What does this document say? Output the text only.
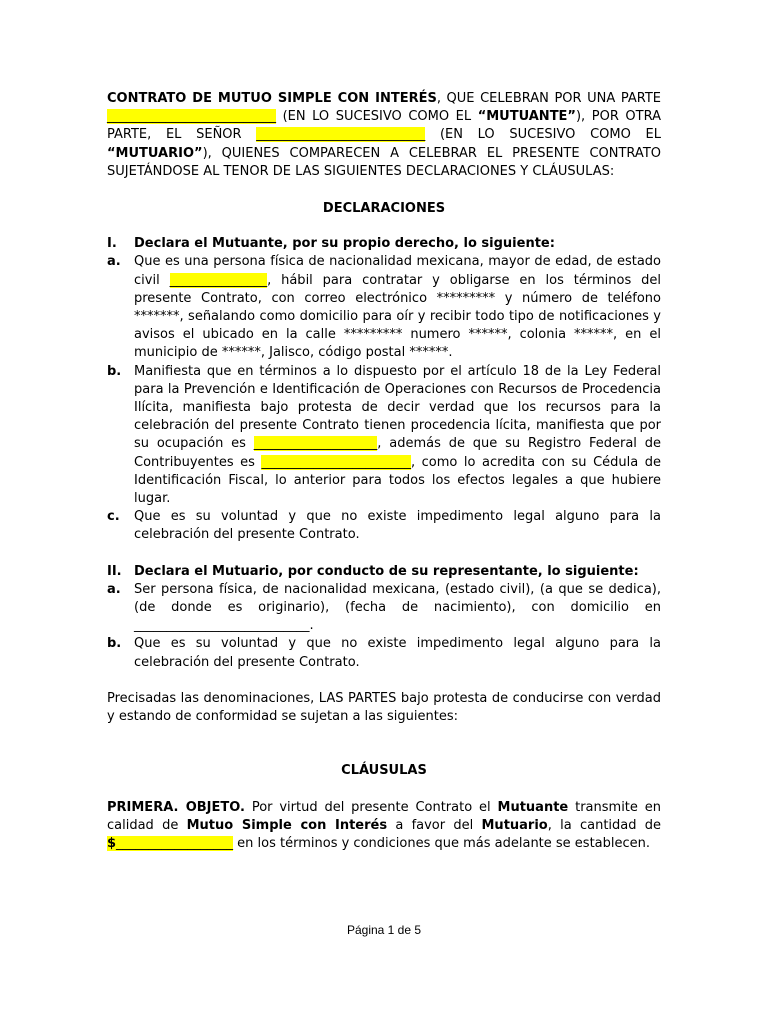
CONTRATO DE MUTUO SIMPLE CON INTERÉS, QUE CELEBRAN POR UNA PARTE __________________________ (EN LO SUCESIVO COMO EL “MUTUANTE”), POR OTRA PARTE, EL SEÑOR __________________________ (EN LO SUCESIVO COMO EL “MUTUARIO”), QUIENES COMPARECEN A CELEBRAR EL PRESENTE CONTRATO SUJETÁNDOSE AL TENOR DE LAS SIGUIENTES DECLARACIONES Y CLÁUSULAS:

DECLARACIONES

I. Declara el Mutuante, por su propio derecho, lo siguiente:
a. Que es una persona física de nacionalidad mexicana, mayor de edad, de estado civil _______________, hábil para contratar y obligarse en los términos del presente Contrato, con correo electrónico ********* y número de teléfono *******, señalando como domicilio para oír y recibir todo tipo de notificaciones y avisos el ubicado en la calle ********* numero ******, colonia ******, en el municipio de ******, Jalisco, código postal ******.
b. Manifiesta que en términos a lo dispuesto por el artículo 18 de la Ley Federal para la Prevención e Identificación de Operaciones con Recursos de Procedencia Ilícita, manifiesta bajo protesta de decir verdad que los recursos para la celebración del presente Contrato tienen procedencia lícita, manifiesta que por su ocupación es ___________________, además de que su Registro Federal de Contribuyentes es _______________________, como lo acredita con su Cédula de Identificación Fiscal, lo anterior para todos los efectos legales a que hubiere lugar.
c. Que es su voluntad y que no existe impedimento legal alguno para la celebración del presente Contrato.
II. Declara el Mutuario, por conducto de su representante, lo siguiente:
a. Ser persona física, de nacionalidad mexicana, (estado civil), (a que se dedica), (de donde es originario), (fecha de nacimiento), con domicilio en ___________________________.
b. Que es su voluntad y que no existe impedimento legal alguno para la celebración del presente Contrato.

Precisadas las denominaciones, LAS PARTES bajo protesta de conducirse con verdad y estando de conformidad se sujetan a las siguientes:

CLÁUSULAS

PRIMERA. OBJETO. Por virtud del presente Contrato el Mutuante transmite en calidad de Mutuo Simple con Interés a favor del Mutuario, la cantidad de $__________________ en los términos y condiciones que más adelante se establecen.

Página 1 de 5
